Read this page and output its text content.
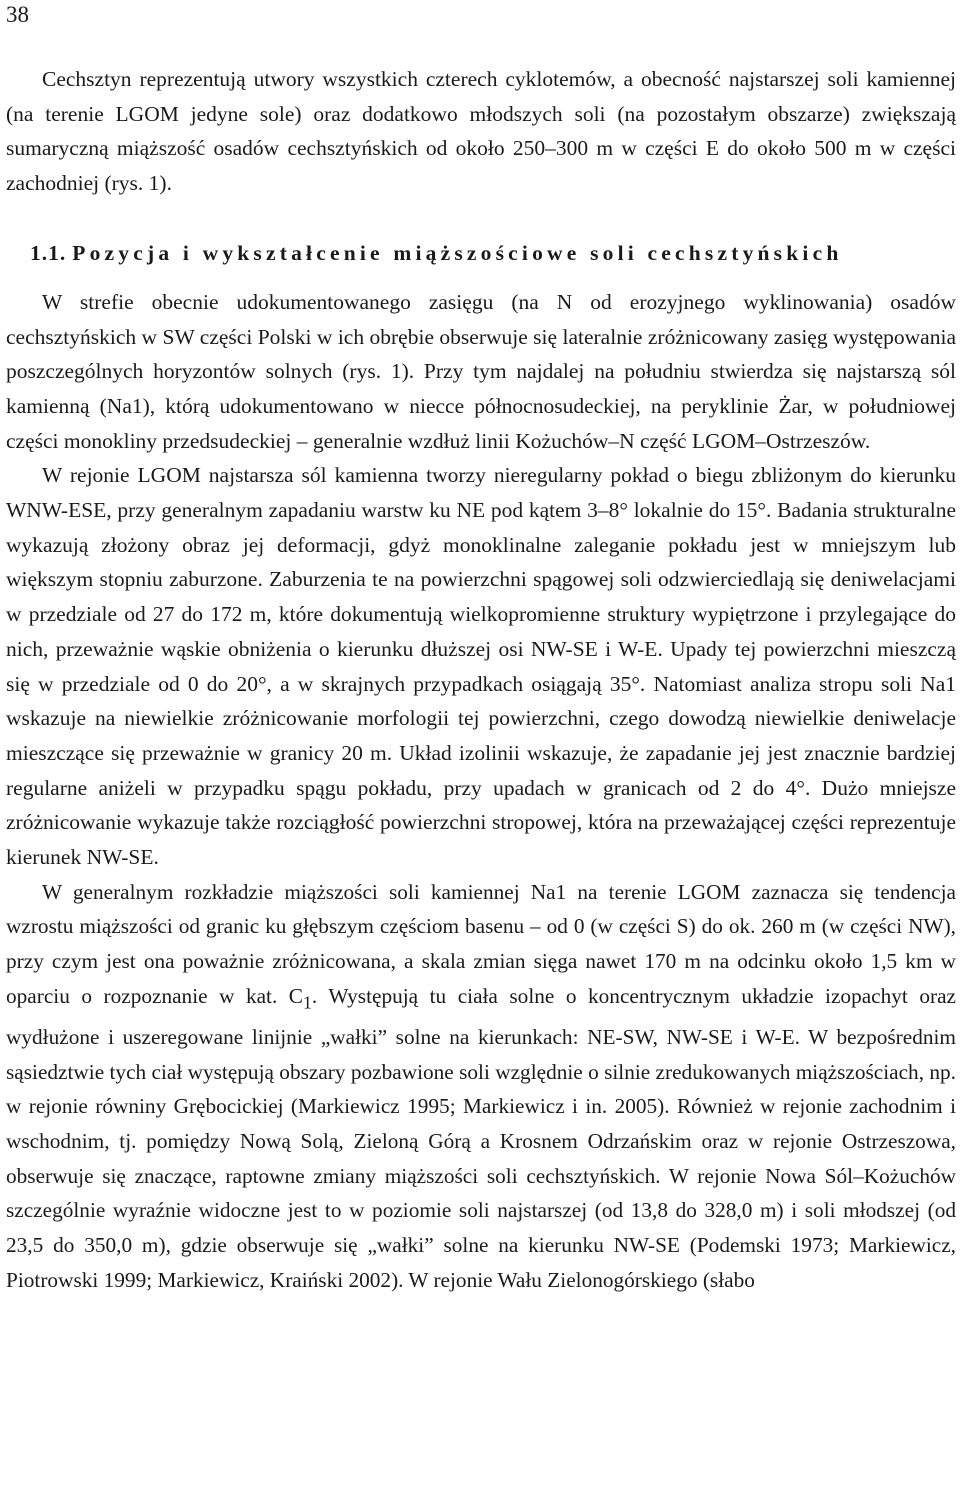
38

Cechsztyn reprezentują utwory wszystkich czterech cyklotemów, a obecność najstarszej soli kamiennej (na terenie LGOM jedyne sole) oraz dodatkowo młodszych soli (na pozostałym obszarze) zwiększają sumaryczną miąższość osadów cechsztyńskich od około 250–300 m w części E do około 500 m w części zachodniej (rys. 1).

1.1. Pozycja i wykształcenie miąższościowe soli cechsztyńskich

W strefie obecnie udokumentowanego zasięgu (na N od erozyjnego wyklinowania) osadów cechsztyńskich w SW części Polski w ich obrębie obserwuje się lateralnie zróżnicowany zasięg występowania poszczególnych horyzontów solnych (rys. 1). Przy tym najdalej na południu stwierdza się najstarszą sól kamienną (Na1), którą udokumentowano w niecce północnosudeckiej, na peryklinie Żar, w południowej części monokliny przedsudeckiej – generalnie wzdłuż linii Kożuchów–N część LGOM–Ostrzeszów.

W rejonie LGOM najstarsza sól kamienna tworzy nieregularny pokład o biegu zbliżonym do kierunku WNW-ESE, przy generalnym zapadaniu warstw ku NE pod kątem 3–8° lokalnie do 15°. Badania strukturalne wykazują złożony obraz jej deformacji, gdyż monoklinalne zaleganie pokładu jest w mniejszym lub większym stopniu zaburzone. Zaburzenia te na powierzchni spągowej soli odzwierciedlają się deniwelacjami w przedziale od 27 do 172 m, które dokumentują wielkopromienne struktury wypiętrzone i przylegające do nich, przeważnie wąskie obniżenia o kierunku dłuższej osi NW-SE i W-E. Upady tej powierzchni mieszczą się w przedziale od 0 do 20°, a w skrajnych przypadkach osiągają 35°. Natomiast analiza stropu soli Na1 wskazuje na niewielkie zróżnicowanie morfologii tej powierzchni, czego dowodzą niewielkie deniwelacje mieszczące się przeważnie w granicy 20 m. Układ izolinii wskazuje, że zapadanie jej jest znacznie bardziej regularne aniżeli w przypadku spągu pokładu, przy upadach w granicach od 2 do 4°. Dużo mniejsze zróżnicowanie wykazuje także rozciągłość powierzchni stropowej, która na przeważającej części reprezentuje kierunek NW-SE.

W generalnym rozkładzie miąższości soli kamiennej Na1 na terenie LGOM zaznacza się tendencja wzrostu miąższości od granic ku głębszym częściom basenu – od 0 (w części S) do ok. 260 m (w części NW), przy czym jest ona poważnie zróżnicowana, a skala zmian sięga nawet 170 m na odcinku około 1,5 km w oparciu o rozpoznanie w kat. $C_1$. Występują tu ciała solne o koncentrycznym układzie izopachyt oraz wydłużone i uszeregowane linijnie „wałki” solne na kierunkach: NE-SW, NW-SE i W-E. W bezpośrednim sąsiedztwie tych ciał występują obszary pozbawione soli względnie o silnie zredukowanych miąższościach, np. w rejonie równiny Grębocickiej (Markiewicz 1995; Markiewicz i in. 2005). Również w rejonie zachodnim i wschodnim, tj. pomiędzy Nową Solą, Zieloną Górą a Krosnem Odrzańskim oraz w rejonie Ostrzeszowa, obserwuje się znaczące, raptowne zmiany miąższości soli cechsztyńskich. W rejonie Nowa Sól–Kożuchów szczególnie wyraźnie widoczne jest to w poziomie soli najstarszej (od 13,8 do 328,0 m) i soli młodszej (od 23,5 do 350,0 m), gdzie obserwuje się „wałki” solne na kierunku NW-SE (Podemski 1973; Markiewicz, Piotrowski 1999; Markiewicz, Kraiński 2002). W rejonie Wału Zielonogórskiego (słabo
